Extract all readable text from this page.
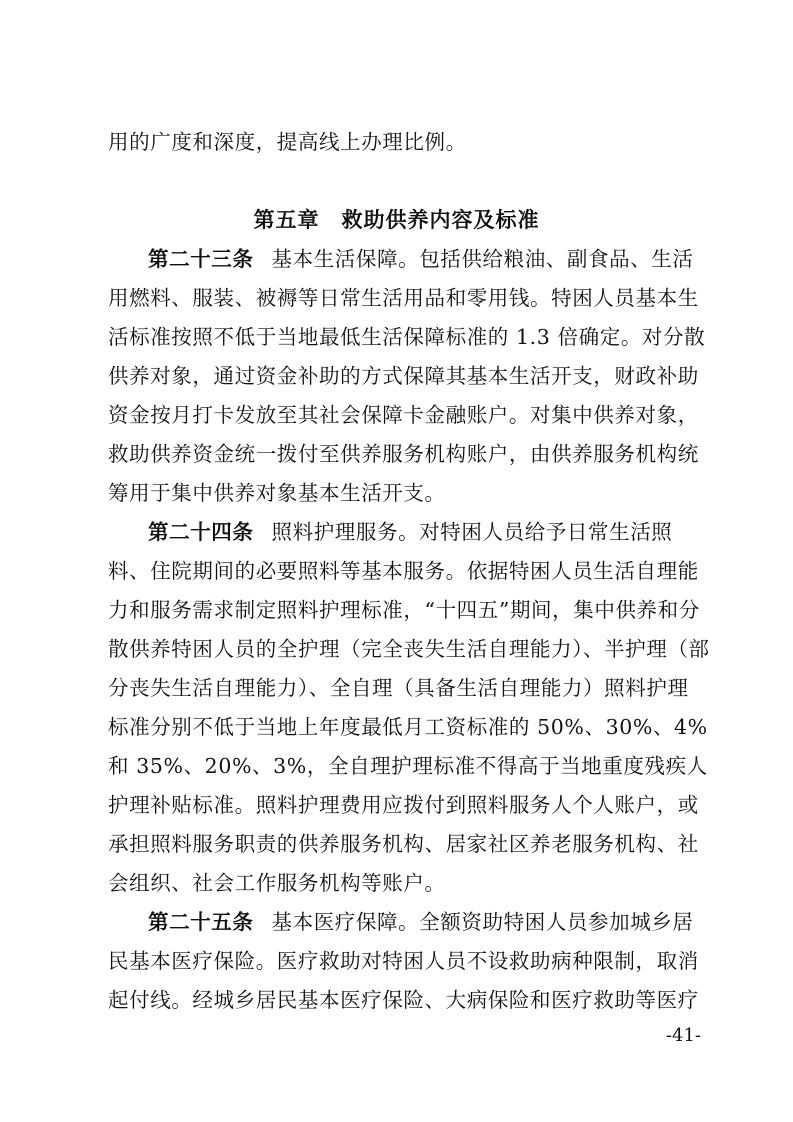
用的广度和深度，提高线上办理比例。
第五章　救助供养内容及标准
第二十三条 基本生活保障。包括供给粮油、副食品、生活
用燃料、服装、被褥等日常生活用品和零用钱。特困人员基本生
活标准按照不低于当地最低生活保障标准的 1.3 倍确定。对分散
供养对象，通过资金补助的方式保障其基本生活开支，财政补助
资金按月打卡发放至其社会保障卡金融账户。对集中供养对象，
救助供养资金统一拨付至供养服务机构账户，由供养服务机构统
筹用于集中供养对象基本生活开支。
第二十四条 照料护理服务。对特困人员给予日常生活照
料、住院期间的必要照料等基本服务。依据特困人员生活自理能
力和服务需求制定照料护理标准，“十四五”期间，集中供养和分
散供养特困人员的全护理（完全丧失生活自理能力）、半护理（部
分丧失生活自理能力）、全自理（具备生活自理能力）照料护理
标准分别不低于当地上年度最低月工资标准的 50%、30%、4%
和 35%、20%、3%，全自理护理标准不得高于当地重度残疾人
护理补贴标准。照料护理费用应拨付到照料服务人个人账户，或
承担照料服务职责的供养服务机构、居家社区养老服务机构、社
会组织、社会工作服务机构等账户。
第二十五条 基本医疗保障。全额资助特困人员参加城乡居
民基本医疗保险。医疗救助对特困人员不设救助病种限制，取消
起付线。经城乡居民基本医疗保险、大病保险和医疗救助等医疗
-41-
